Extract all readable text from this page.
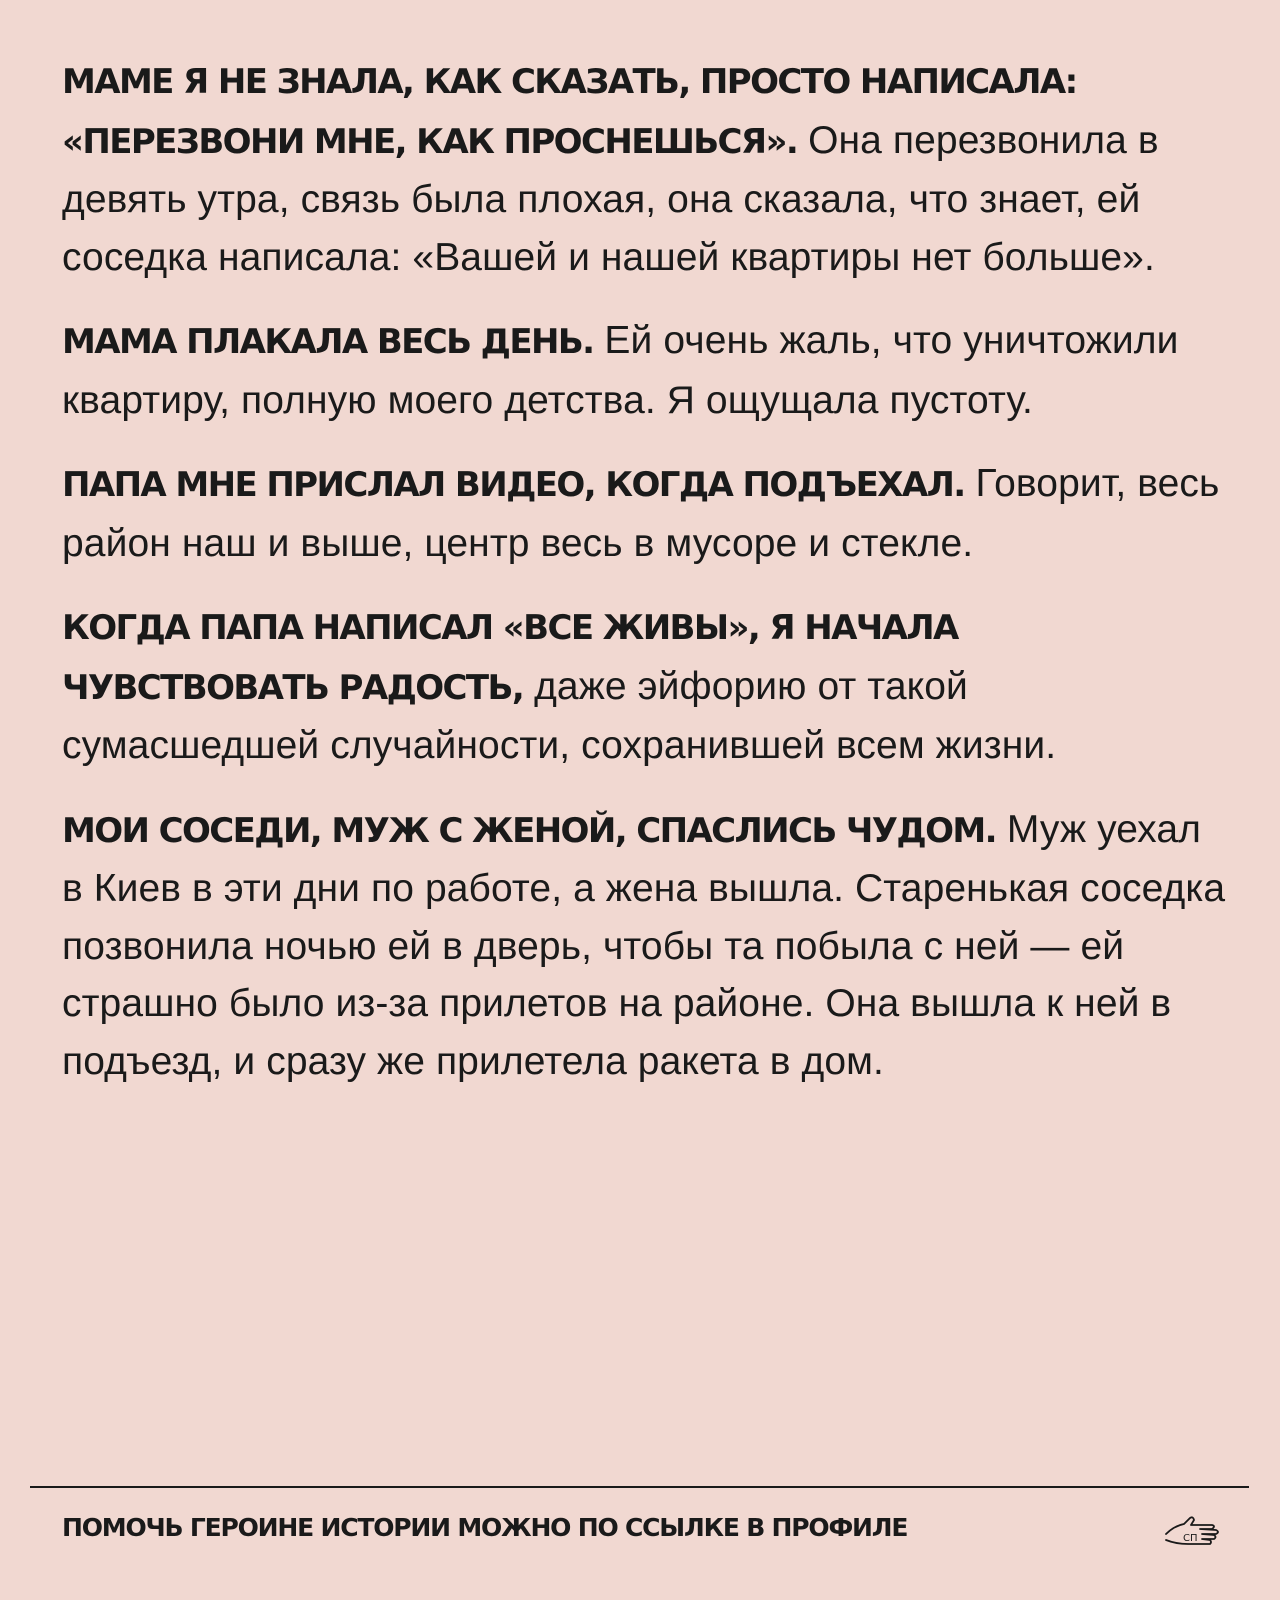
МАМЕ Я НЕ ЗНАЛА, КАК СКАЗАТЬ, ПРОСТО НАПИСАЛА: «ПЕРЕЗВОНИ МНЕ, КАК ПРОСНЕШЬСЯ». Она перезвонила в девять утра, связь была плохая, она сказала, что знает, ей соседка написала: «Вашей и нашей квартиры нет больше».

МАМА ПЛАКАЛА ВЕСЬ ДЕНЬ. Ей очень жаль, что уничтожили квартиру, полную моего детства. Я ощущала пустоту.

ПАПА МНЕ ПРИСЛАЛ ВИДЕО, КОГДА ПОДЪЕХАЛ. Говорит, весь район наш и выше, центр весь в мусоре и стекле.

КОГДА ПАПА НАПИСАЛ «ВСЕ ЖИВЫ», Я НАЧАЛА ЧУВСТВОВАТЬ РАДОСТЬ, даже эйфорию от такой сумасшедшей случайности, сохранившей всем жизни.

МОИ СОСЕДИ, МУЖ С ЖЕНОЙ, СПАСЛИСЬ ЧУДОМ. Муж уехал в Киев в эти дни по работе, а жена вышла. Старенькая соседка позвонила ночью ей в дверь, чтобы та побыла с ней — ей страшно было из-за прилетов на районе. Она вышла к ней в подъезд, и сразу же прилетела ракета в дом.

ПОМОЧЬ ГЕРОИНЕ ИСТОРИИ МОЖНО ПО ССЫЛКЕ В ПРОФИЛЕ	СП
